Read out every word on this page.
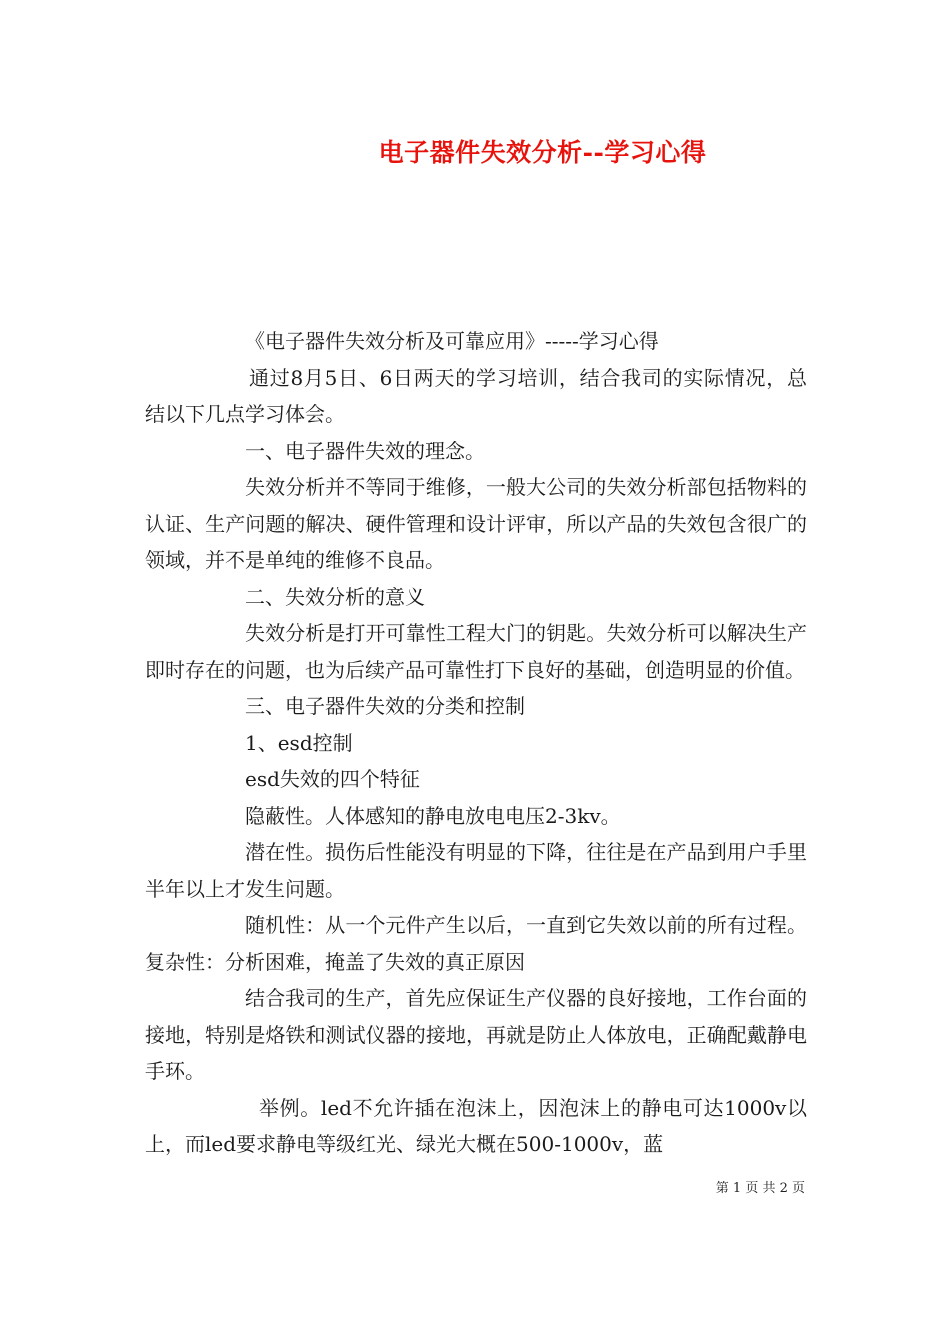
电子器件失效分析--学习心得

《电子器件失效分析及可靠应用》-----学习心得

通过8月5日、6日两天的学习培训，结合我司的实际情况，总结以下几点学习体会。

一、电子器件失效的理念。

失效分析并不等同于维修，一般大公司的失效分析部包括物料的认证、生产问题的解决、硬件管理和设计评审，所以产品的失效包含很广的领域，并不是单纯的维修不良品。

二、失效分析的意义

失效分析是打开可靠性工程大门的钥匙。失效分析可以解决生产即时存在的问题，也为后续产品可靠性打下良好的基础，创造明显的价值。

三、电子器件失效的分类和控制

1、esd控制

esd失效的四个特征

隐蔽性。人体感知的静电放电电压2-3kv。

潜在性。损伤后性能没有明显的下降，往往是在产品到用户手里半年以上才发生问题。

随机性：从一个元件产生以后，一直到它失效以前的所有过程。复杂性：分析困难，掩盖了失效的真正原因

结合我司的生产，首先应保证生产仪器的良好接地，工作台面的接地，特别是烙铁和测试仪器的接地，再就是防止人体放电，正确配戴静电手环。

举例。led不允许插在泡沫上，因泡沫上的静电可达1000v以上，而led要求静电等级红光、绿光大概在500-1000v，蓝

第 1 页 共 2 页
